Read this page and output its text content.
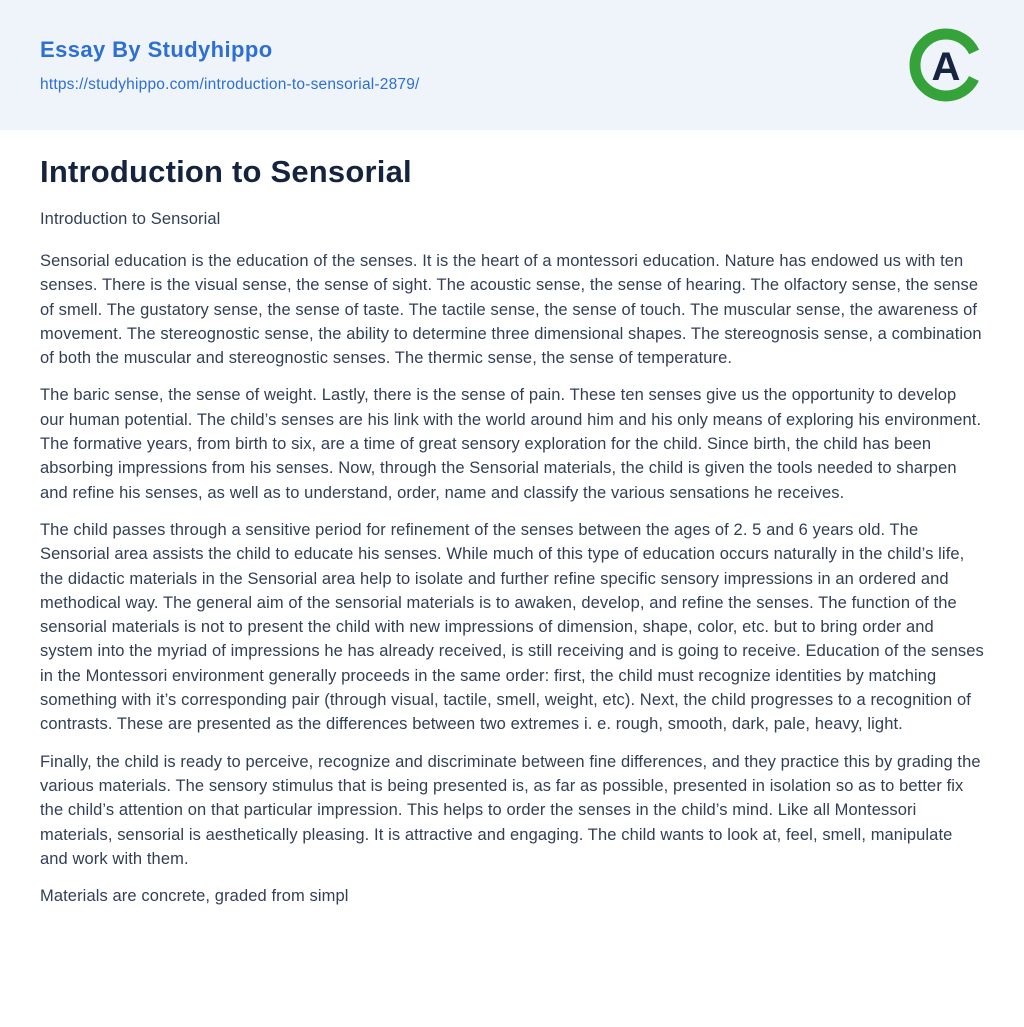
Essay By Studyhippo
https://studyhippo.com/introduction-to-sensorial-2879/	A
Introduction to Sensorial

Introduction to Sensorial

Sensorial education is the education of the senses. It is the heart of a montessori education. Nature has endowed us with ten senses. There is the visual sense, the sense of sight. The acoustic sense, the sense of hearing. The olfactory sense, the sense of smell. The gustatory sense, the sense of taste. The tactile sense, the sense of touch. The muscular sense, the awareness of movement. The stereognostic sense, the ability to determine three dimensional shapes. The stereognosis sense, a combination of both the muscular and stereognostic senses. The thermic sense, the sense of temperature.

The baric sense, the sense of weight. Lastly, there is the sense of pain. These ten senses give us the opportunity to develop our human potential. The child’s senses are his link with the world around him and his only means of exploring his environment. The formative years, from birth to six, are a time of great sensory exploration for the child. Since birth, the child has been absorbing impressions from his senses. Now, through the Sensorial materials, the child is given the tools needed to sharpen and refine his senses, as well as to understand, order, name and classify the various sensations he receives.

The child passes through a sensitive period for refinement of the senses between the ages of 2. 5 and 6 years old. The Sensorial area assists the child to educate his senses. While much of this type of education occurs naturally in the child’s life, the didactic materials in the Sensorial area help to isolate and further refine specific sensory impressions in an ordered and methodical way. The general aim of the sensorial materials is to awaken, develop, and refine the senses. The function of the sensorial materials is not to present the child with new impressions of dimension, shape, color, etc. but to bring order and system into the myriad of impressions he has already received, is still receiving and is going to receive. Education of the senses in the Montessori environment generally proceeds in the same order: first, the child must recognize identities by matching something with it’s corresponding pair (through visual, tactile, smell, weight, etc). Next, the child progresses to a recognition of contrasts. These are presented as the differences between two extremes i. e. rough, smooth, dark, pale, heavy, light.

Finally, the child is ready to perceive, recognize and discriminate between fine differences, and they practice this by grading the various materials. The sensory stimulus that is being presented is, as far as possible, presented in isolation so as to better fix the child’s attention on that particular impression. This helps to order the senses in the child’s mind. Like all Montessori materials, sensorial is aesthetically pleasing. It is attractive and engaging. The child wants to look at, feel, smell, manipulate and work with them.

Materials are concrete, graded from simpl
